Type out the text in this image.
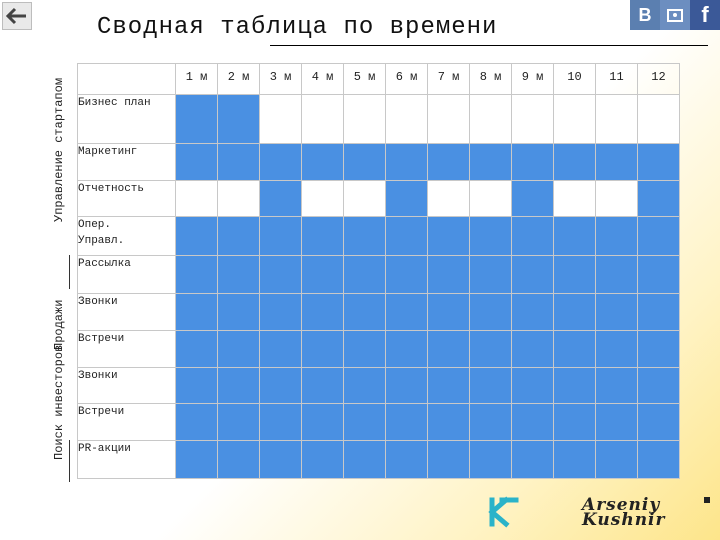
В	f
Сводная таблица по времени
Управление стартапом
Продажи
Поиск инвесторов
	1 м	2 м	3 м	4 м	5 м	6 м	7 м	8 м	9 м	10	11	12
Бизнес план												
Маркетинг												
Отчетность												
Опер. Управл.												
Рассылка												
Звонки												
Встречи												
Звонки												
Встречи												
PR-акции												
Arseniy
Kushnir
